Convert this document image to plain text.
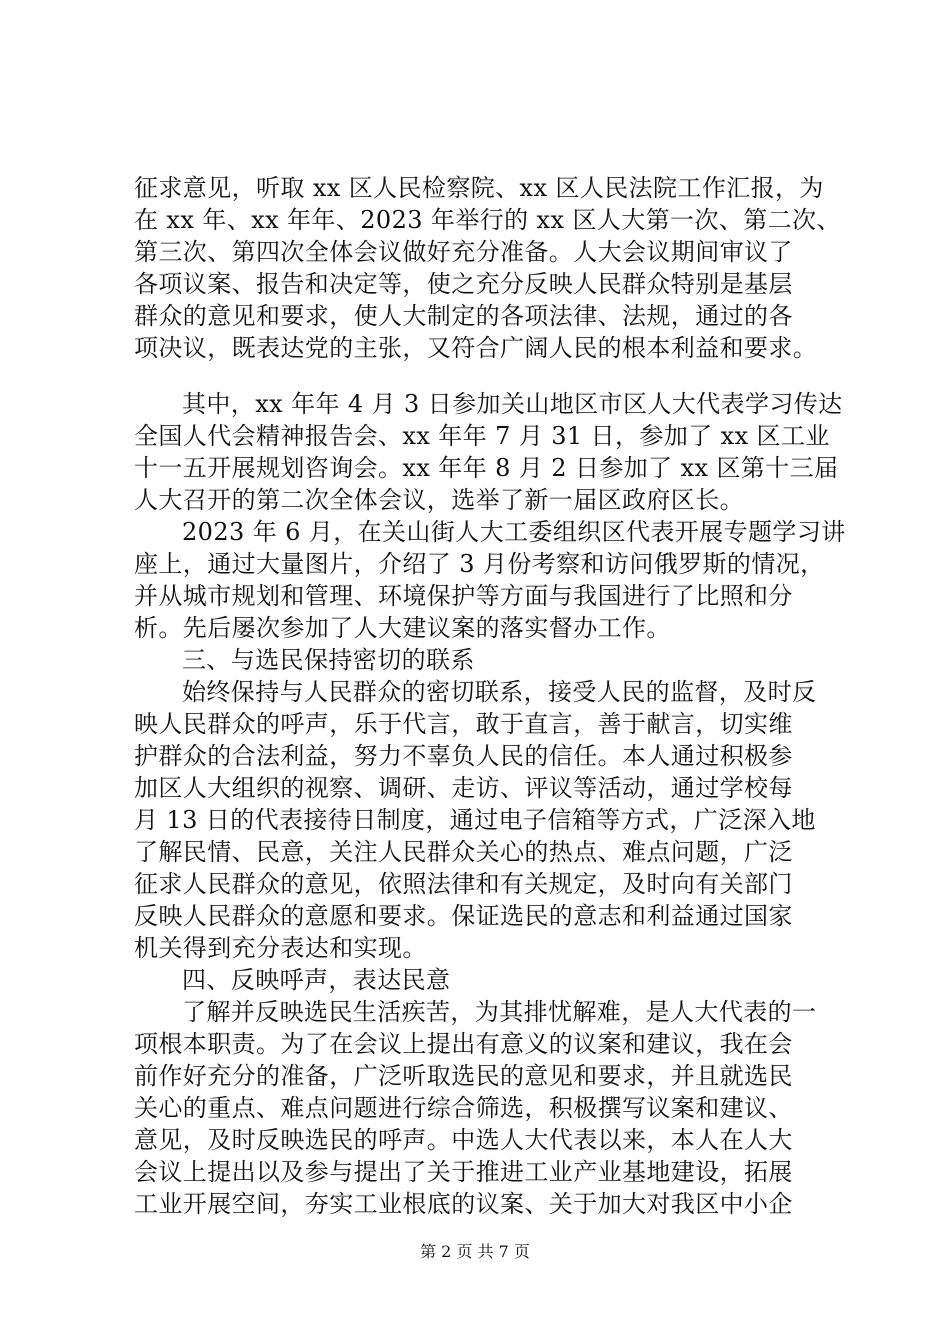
征求意见，听取 xx 区人民检察院、xx 区人民法院工作汇报，为
在 xx 年、xx 年年、2023 年举行的 xx 区人大第一次、第二次、
第三次、第四次全体会议做好充分准备。人大会议期间审议了
各项议案、报告和决定等，使之充分反映人民群众特别是基层
群众的意见和要求，使人大制定的各项法律、法规，通过的各
项决议，既表达党的主张，又符合广阔人民的根本利益和要求。
其中，xx 年年 4 月 3 日参加关山地区市区人大代表学习传达
全国人代会精神报告会、xx 年年 7 月 31 日，参加了 xx 区工业
十一五开展规划咨询会。xx 年年 8 月 2 日参加了 xx 区第十三届
人大召开的第二次全体会议，选举了新一届区政府区长。
2023 年 6 月，在关山街人大工委组织区代表开展专题学习讲
座上，通过大量图片，介绍了 3 月份考察和访问俄罗斯的情况，
并从城市规划和管理、环境保护等方面与我国进行了比照和分
析。先后屡次参加了人大建议案的落实督办工作。
三、与选民保持密切的联系
始终保持与人民群众的密切联系，接受人民的监督，及时反
映人民群众的呼声，乐于代言，敢于直言，善于献言，切实维
护群众的合法利益，努力不辜负人民的信任。本人通过积极参
加区人大组织的视察、调研、走访、评议等活动，通过学校每
月 13 日的代表接待日制度，通过电子信箱等方式，广泛深入地
了解民情、民意，关注人民群众关心的热点、难点问题，广泛
征求人民群众的意见，依照法律和有关规定，及时向有关部门
反映人民群众的意愿和要求。保证选民的意志和利益通过国家
机关得到充分表达和实现。
四、反映呼声，表达民意
了解并反映选民生活疾苦，为其排忧解难，是人大代表的一
项根本职责。为了在会议上提出有意义的议案和建议，我在会
前作好充分的准备，广泛听取选民的意见和要求，并且就选民
关心的重点、难点问题进行综合筛选，积极撰写议案和建议、
意见，及时反映选民的呼声。中选人大代表以来，本人在人大
会议上提出以及参与提出了关于推进工业产业基地建设，拓展
工业开展空间，夯实工业根底的议案、关于加大对我区中小企
第 2 页 共 7 页
